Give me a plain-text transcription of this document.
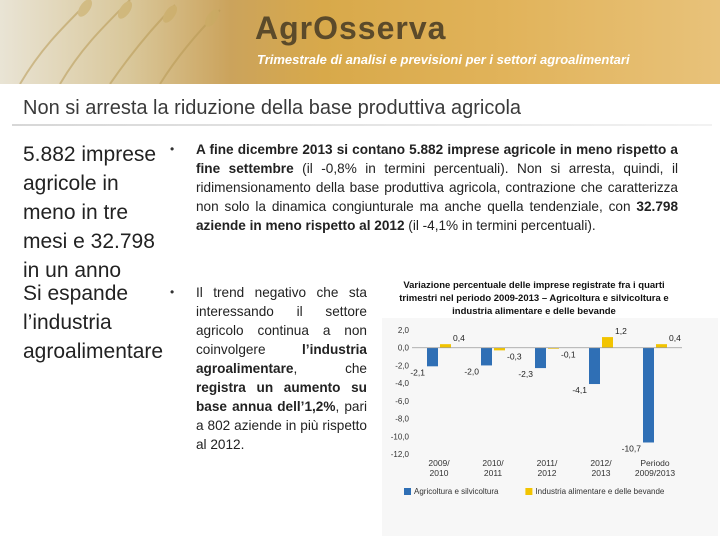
AgrOsserva
Trimestrale di analisi e previsioni per i settori agroalimentari
Non si arresta la riduzione della base produttiva agricola
5.882 imprese agricole in meno in tre mesi e 32.798 in un anno
Si espande l’industria agroalimentare
• A fine dicembre 2013 si contano 5.882 imprese agricole in meno rispetto a fine settembre (il -0,8% in termini percentuali). Non si arresta, quindi, il ridimensionamento della base produttiva agricola, contrazione che caratterizza non solo la dinamica congiunturale ma anche quella tendenziale, con 32.798 aziende in meno rispetto al 2012 (il -4,1% in termini percentuali).
• Il trend negativo che sta interessando il settore agricolo continua a non coinvolgere l’industria agroalimentare, che registra un aumento su base annua dell’1,2%, pari a 802 aziende in più rispetto al 2012.
Variazione percentuale delle imprese registrate fra i quarti trimestri nel periodo 2009-2013 – Agricoltura e silvicoltura e industria alimentare e delle bevande
2,0
0,0
-2,0
-4,0
-6,0
-8,0
-10,0
-12,0
-2,1	-2,0	-2,3
-4,1
-10,7
0,4
-0,3	-0,1
1,2
0,4
2009/
2010
2010/
2011
2011/
2012
2012/
2013
Periodo
2009/2013
Agricoltura e silvicoltura	Industria alimentare e delle bevande
